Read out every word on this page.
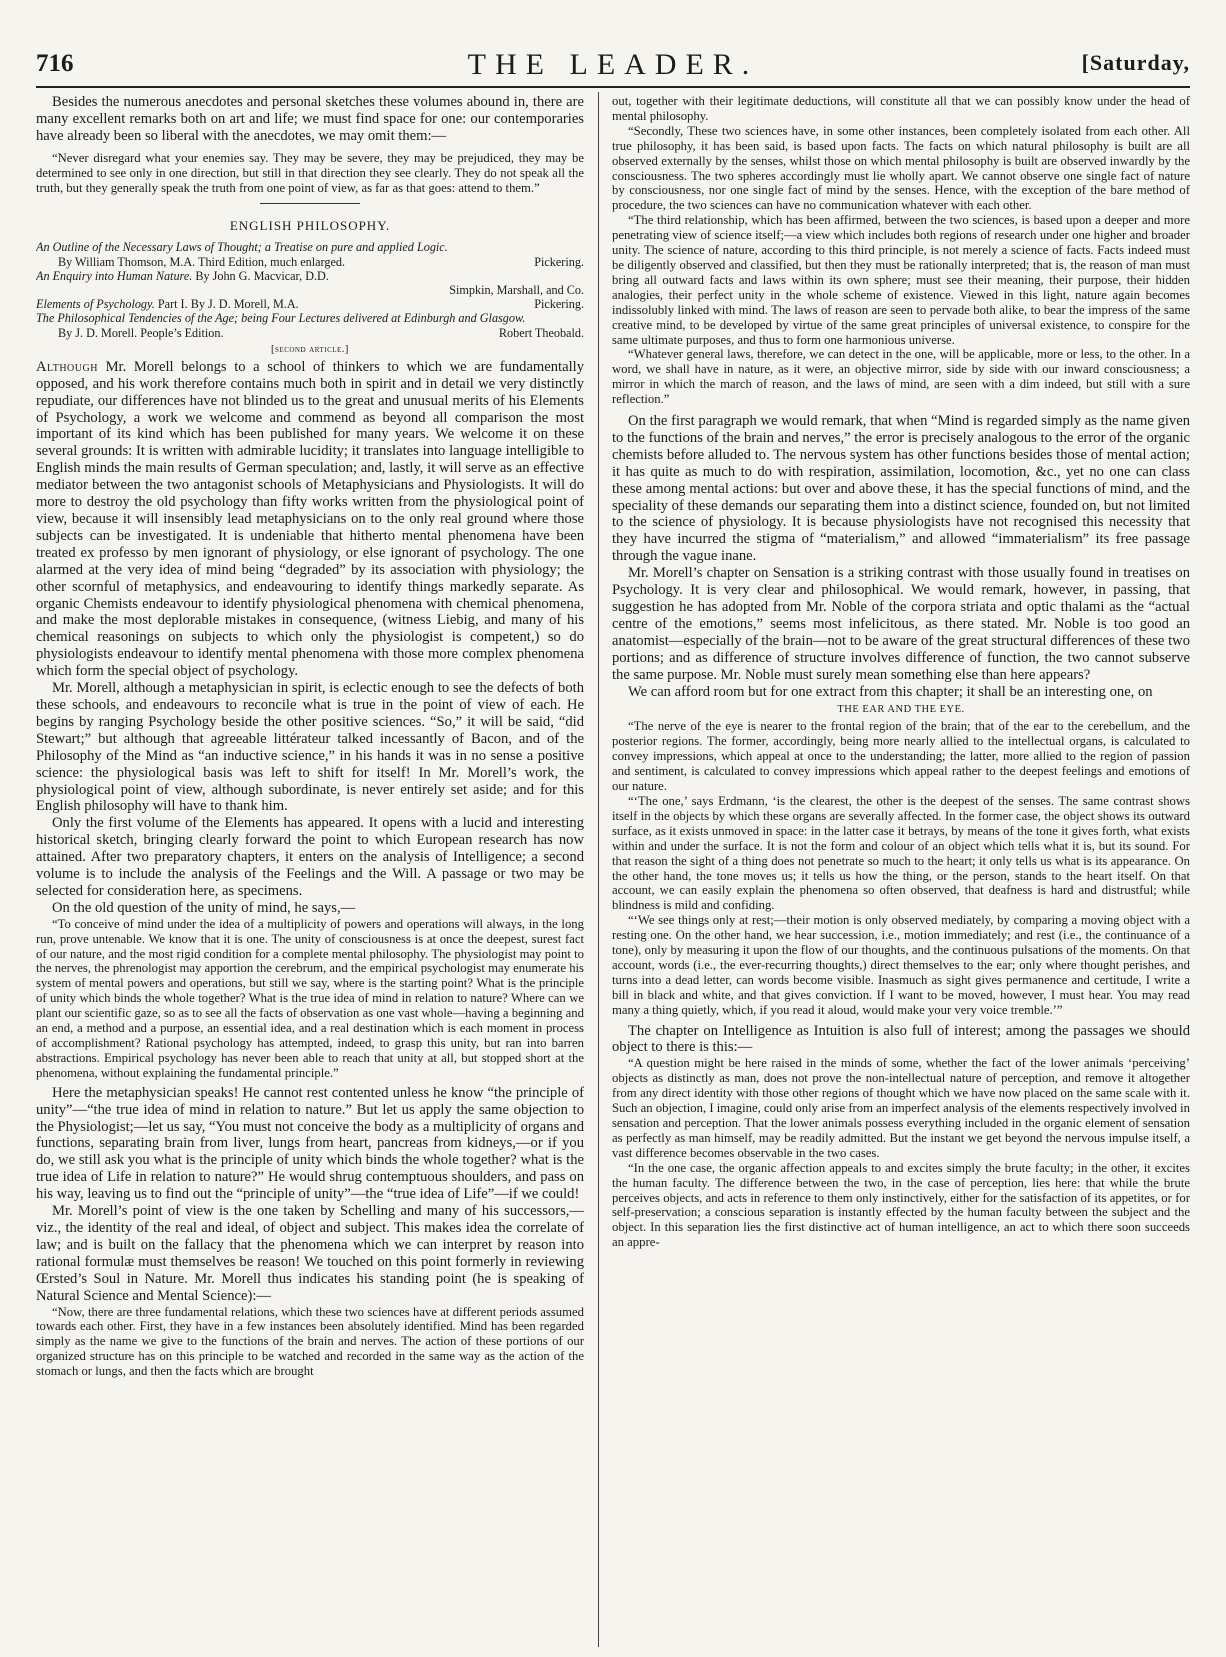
716	THE LEADER.	[Saturday,

Besides the numerous anecdotes and personal sketches these volumes abound in, there are many excellent remarks both on art and life; we must find space for one: our contemporaries have already been so liberal with the anecdotes, we may omit them:—

“Never disregard what your enemies say. They may be severe, they may be prejudiced, they may be determined to see only in one direction, but still in that direction they see clearly. They do not speak all the truth, but they generally speak the truth from one point of view, as far as that goes: attend to them.”

ENGLISH PHILOSOPHY.
An Outline of the Necessary Laws of Thought; a Treatise on pure and applied Logic.
By William Thomson, M.A. Third Edition, much enlarged.	Pickering.
An Enquiry into Human Nature. By John G. Macvicar, D.D.
Simpkin, Marshall, and Co.
Elements of Psychology. Part I. By J. D. Morell, M.A.	Pickering.
The Philosophical Tendencies of the Age; being Four Lectures delivered at Edinburgh and Glasgow.
By J. D. Morell. People’s Edition.	Robert Theobald.
[second article.]

Although Mr. Morell belongs to a school of thinkers to which we are fundamentally opposed, and his work therefore contains much both in spirit and in detail we very distinctly repudiate, our differences have not blinded us to the great and unusual merits of his Elements of Psychology, a work we welcome and commend as beyond all comparison the most important of its kind which has been published for many years. We welcome it on these several grounds: It is written with admirable lucidity; it translates into language intelligible to English minds the main results of German speculation; and, lastly, it will serve as an effective mediator between the two antagonist schools of Metaphysicians and Physiologists. It will do more to destroy the old psychology than fifty works written from the physiological point of view, because it will insensibly lead metaphysicians on to the only real ground where those subjects can be investigated. It is undeniable that hitherto mental phenomena have been treated ex professo by men ignorant of physiology, or else ignorant of psychology. The one alarmed at the very idea of mind being “degraded” by its association with physiology; the other scornful of metaphysics, and endeavouring to identify things markedly separate. As organic Chemists endeavour to identify physiological phenomena with chemical phenomena, and make the most deplorable mistakes in consequence, (witness Liebig, and many of his chemical reasonings on subjects to which only the physiologist is competent,) so do physiologists endeavour to identify mental phenomena with those more complex phenomena which form the special object of psychology.

Mr. Morell, although a metaphysician in spirit, is eclectic enough to see the defects of both these schools, and endeavours to reconcile what is true in the point of view of each. He begins by ranging Psychology beside the other positive sciences. “So,” it will be said, “did Stewart;” but although that agreeable littérateur talked incessantly of Bacon, and of the Philosophy of the Mind as “an inductive science,” in his hands it was in no sense a positive science: the physiological basis was left to shift for itself! In Mr. Morell’s work, the physiological point of view, although subordinate, is never entirely set aside; and for this English philosophy will have to thank him.

Only the first volume of the Elements has appeared. It opens with a lucid and interesting historical sketch, bringing clearly forward the point to which European research has now attained. After two preparatory chapters, it enters on the analysis of Intelligence; a second volume is to include the analysis of the Feelings and the Will. A passage or two may be selected for consideration here, as specimens.

On the old question of the unity of mind, he says,—

“To conceive of mind under the idea of a multiplicity of powers and operations will always, in the long run, prove untenable. We know that it is one. The unity of consciousness is at once the deepest, surest fact of our nature, and the most rigid condition for a complete mental philosophy. The physiologist may point to the nerves, the phrenologist may apportion the cerebrum, and the empirical psychologist may enumerate his system of mental powers and operations, but still we say, where is the starting point? What is the principle of unity which binds the whole together? What is the true idea of mind in relation to nature? Where can we plant our scientific gaze, so as to see all the facts of observation as one vast whole—having a beginning and an end, a method and a purpose, an essential idea, and a real destination which is each moment in process of accomplishment? Rational psychology has attempted, indeed, to grasp this unity, but ran into barren abstractions. Empirical psychology has never been able to reach that unity at all, but stopped short at the phenomena, without explaining the fundamental principle.”

Here the metaphysician speaks! He cannot rest contented unless he know “the principle of unity”—“the true idea of mind in relation to nature.” But let us apply the same objection to the Physiologist;—let us say, “You must not conceive the body as a multiplicity of organs and functions, separating brain from liver, lungs from heart, pancreas from kidneys,—or if you do, we still ask you what is the principle of unity which binds the whole together? what is the true idea of Life in relation to nature?” He would shrug contemptuous shoulders, and pass on his way, leaving us to find out the “principle of unity”—the “true idea of Life”—if we could!

Mr. Morell’s point of view is the one taken by Schelling and many of his successors,—viz., the identity of the real and ideal, of object and subject. This makes idea the correlate of law; and is built on the fallacy that the phenomena which we can interpret by reason into rational formulæ must themselves be reason! We touched on this point formerly in reviewing Œrsted’s Soul in Nature. Mr. Morell thus indicates his standing point (he is speaking of Natural Science and Mental Science):—

“Now, there are three fundamental relations, which these two sciences have at different periods assumed towards each other. First, they have in a few instances been absolutely identified. Mind has been regarded simply as the name we give to the functions of the brain and nerves. The action of these portions of our organized structure has on this principle to be watched and recorded in the same way as the action of the stomach or lungs, and then the facts which are brought

out, together with their legitimate deductions, will constitute all that we can possibly know under the head of mental philosophy.

“Secondly, These two sciences have, in some other instances, been completely isolated from each other. All true philosophy, it has been said, is based upon facts. The facts on which natural philosophy is built are all observed externally by the senses, whilst those on which mental philosophy is built are observed inwardly by the consciousness. The two spheres accordingly must lie wholly apart. We cannot observe one single fact of nature by consciousness, nor one single fact of mind by the senses. Hence, with the exception of the bare method of procedure, the two sciences can have no communication whatever with each other.

“The third relationship, which has been affirmed, between the two sciences, is based upon a deeper and more penetrating view of science itself;—a view which includes both regions of research under one higher and broader unity. The science of nature, according to this third principle, is not merely a science of facts. Facts indeed must be diligently observed and classified, but then they must be rationally interpreted; that is, the reason of man must bring all outward facts and laws within its own sphere; must see their meaning, their purpose, their hidden analogies, their perfect unity in the whole scheme of existence. Viewed in this light, nature again becomes indissolubly linked with mind. The laws of reason are seen to pervade both alike, to bear the impress of the same creative mind, to be developed by virtue of the same great principles of universal existence, to conspire for the same ultimate purposes, and thus to form one harmonious universe.

“Whatever general laws, therefore, we can detect in the one, will be applicable, more or less, to the other. In a word, we shall have in nature, as it were, an objective mirror, side by side with our inward consciousness; a mirror in which the march of reason, and the laws of mind, are seen with a dim indeed, but still with a sure reflection.”

On the first paragraph we would remark, that when “Mind is regarded simply as the name given to the functions of the brain and nerves,” the error is precisely analogous to the error of the organic chemists before alluded to. The nervous system has other functions besides those of mental action; it has quite as much to do with respiration, assimilation, locomotion, &c., yet no one can class these among mental actions: but over and above these, it has the special functions of mind, and the speciality of these demands our separating them into a distinct science, founded on, but not limited to the science of physiology. It is because physiologists have not recognised this necessity that they have incurred the stigma of “materialism,” and allowed “immaterialism” its free passage through the vague inane.

Mr. Morell’s chapter on Sensation is a striking contrast with those usually found in treatises on Psychology. It is very clear and philosophical. We would remark, however, in passing, that suggestion he has adopted from Mr. Noble of the corpora striata and optic thalami as the “actual centre of the emotions,” seems most infelicitous, as there stated. Mr. Noble is too good an anatomist—especially of the brain—not to be aware of the great structural differences of these two portions; and as difference of structure involves difference of function, the two cannot subserve the same purpose. Mr. Noble must surely mean something else than here appears?

We can afford room but for one extract from this chapter; it shall be an interesting one, on

THE EAR AND THE EYE.

“The nerve of the eye is nearer to the frontal region of the brain; that of the ear to the cerebellum, and the posterior regions. The former, accordingly, being more nearly allied to the intellectual organs, is calculated to convey impressions, which appeal at once to the understanding; the latter, more allied to the region of passion and sentiment, is calculated to convey impressions which appeal rather to the deepest feelings and emotions of our nature.

“‘The one,’ says Erdmann, ‘is the clearest, the other is the deepest of the senses. The same contrast shows itself in the objects by which these organs are severally affected. In the former case, the object shows its outward surface, as it exists unmoved in space: in the latter case it betrays, by means of the tone it gives forth, what exists within and under the surface. It is not the form and colour of an object which tells what it is, but its sound. For that reason the sight of a thing does not penetrate so much to the heart; it only tells us what is its appearance. On the other hand, the tone moves us; it tells us how the thing, or the person, stands to the heart itself. On that account, we can easily explain the phenomena so often observed, that deafness is hard and distrustful; while blindness is mild and confiding.

“‘We see things only at rest;—their motion is only observed mediately, by comparing a moving object with a resting one. On the other hand, we hear succession, i.e., motion immediately; and rest (i.e., the continuance of a tone), only by measuring it upon the flow of our thoughts, and the continuous pulsations of the moments. On that account, words (i.e., the ever-recurring thoughts,) direct themselves to the ear; only where thought perishes, and turns into a dead letter, can words become visible. Inasmuch as sight gives permanence and certitude, I write a bill in black and white, and that gives conviction. If I want to be moved, however, I must hear. You may read many a thing quietly, which, if you read it aloud, would make your very voice tremble.’”

The chapter on Intelligence as Intuition is also full of interest; among the passages we should object to there is this:—

“A question might be here raised in the minds of some, whether the fact of the lower animals ‘perceiving’ objects as distinctly as man, does not prove the non-intellectual nature of perception, and remove it altogether from any direct identity with those other regions of thought which we have now placed on the same scale with it. Such an objection, I imagine, could only arise from an imperfect analysis of the elements respectively involved in sensation and perception. That the lower animals possess everything included in the organic element of sensation as perfectly as man himself, may be readily admitted. But the instant we get beyond the nervous impulse itself, a vast difference becomes observable in the two cases.

“In the one case, the organic affection appeals to and excites simply the brute faculty; in the other, it excites the human faculty. The difference between the two, in the case of perception, lies here: that while the brute perceives objects, and acts in reference to them only instinctively, either for the satisfaction of its appetites, or for self-preservation; a conscious separation is instantly effected by the human faculty between the subject and the object. In this separation lies the first distinctive act of human intelligence, an act to which there soon succeeds an appre-
